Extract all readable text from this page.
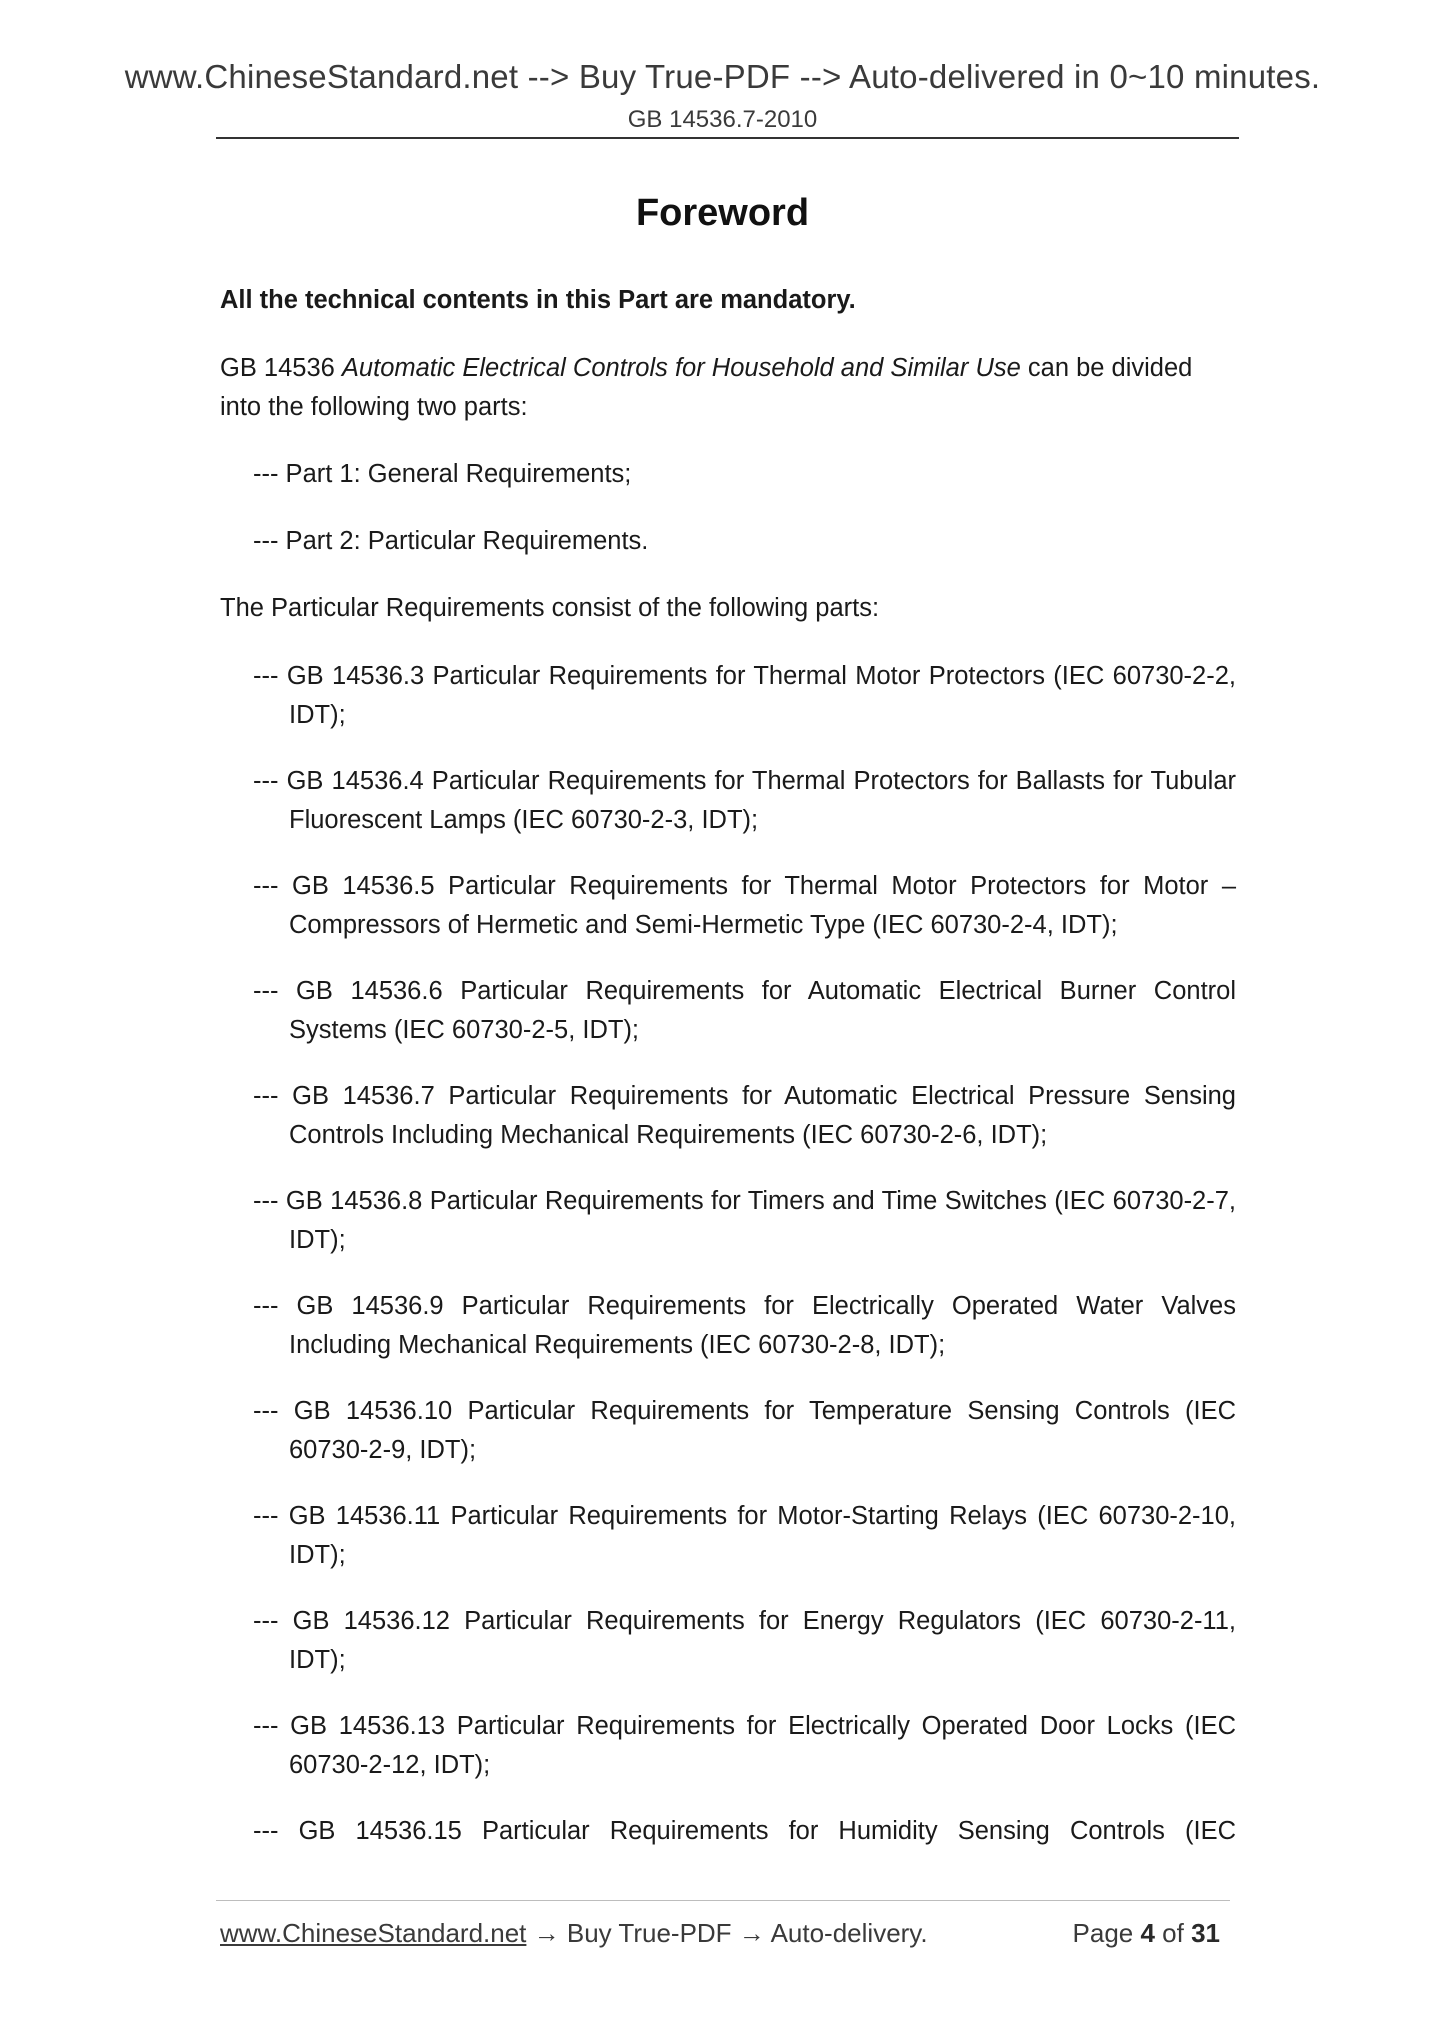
www.ChineseStandard.net --> Buy True-PDF --> Auto-delivered in 0~10 minutes.
GB 14536.7-2010
Foreword
All the technical contents in this Part are mandatory.
GB 14536 Automatic Electrical Controls for Household and Similar Use can be divided into the following two parts:
--- Part 1: General Requirements;
--- Part 2: Particular Requirements.
The Particular Requirements consist of the following parts:
--- GB 14536.3 Particular Requirements for Thermal Motor Protectors (IEC 60730-2-2, IDT);
--- GB 14536.4 Particular Requirements for Thermal Protectors for Ballasts for Tubular Fluorescent Lamps (IEC 60730-2-3, IDT);
--- GB 14536.5 Particular Requirements for Thermal Motor Protectors for Motor – Compressors of Hermetic and Semi-Hermetic Type (IEC 60730-2-4, IDT);
--- GB 14536.6 Particular Requirements for Automatic Electrical Burner Control Systems (IEC 60730-2-5, IDT);
--- GB 14536.7 Particular Requirements for Automatic Electrical Pressure Sensing Controls Including Mechanical Requirements (IEC 60730-2-6, IDT);
--- GB 14536.8 Particular Requirements for Timers and Time Switches (IEC 60730-2-7, IDT);
--- GB 14536.9 Particular Requirements for Electrically Operated Water Valves Including Mechanical Requirements (IEC 60730-2-8, IDT);
--- GB 14536.10 Particular Requirements for Temperature Sensing Controls (IEC 60730-2-9, IDT);
--- GB 14536.11 Particular Requirements for Motor-Starting Relays (IEC 60730-2-10, IDT);
--- GB 14536.12 Particular Requirements for Energy Regulators (IEC 60730-2-11, IDT);
--- GB 14536.13 Particular Requirements for Electrically Operated Door Locks (IEC 60730-2-12, IDT);
--- GB 14536.15 Particular Requirements for Humidity Sensing Controls (IEC
www.ChineseStandard.net → Buy True-PDF → Auto-delivery.	Page 4 of 31
